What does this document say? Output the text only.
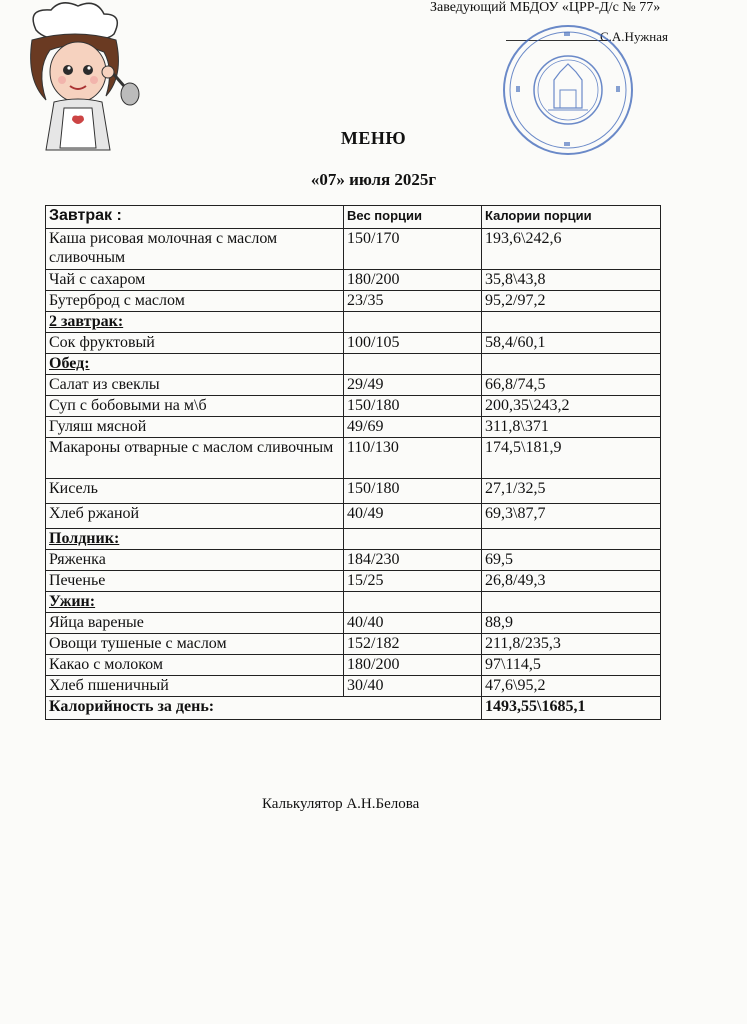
Заведующий МБДОУ «ЦРР-Д/с № 77»
С.А.Нужная
МЕНЮ
«07» июля 2025г
Завтрак :	Вес порции	Калории порции
Каша рисовая молочная с маслом сливочным	150/170	193,6\242,6
Чай с сахаром	180/200	35,8\43,8
Бутерброд с маслом	23/35	95,2/97,2
2 завтрак:		
Сок фруктовый	100/105	58,4/60,1
Обед:		
Салат из свеклы	29/49	66,8/74,5
Суп с бобовыми на м\б	150/180	200,35\243,2
Гуляш мясной	49/69	311,8\371
Макароны отварные с маслом сливочным	110/130	174,5\181,9
Кисель	150/180	27,1/32,5
Хлеб ржаной	40/49	69,3\87,7
Полдник:		
Ряженка	184/230	69,5
Печенье	15/25	26,8/49,3
Ужин:		
Яйца вареные	40/40	88,9
Овощи тушеные с маслом	152/182	211,8/235,3
Какао с молоком	180/200	97\114,5
Хлеб пшеничный	30/40	47,6\95,2
Калорийность за день:		1493,55\1685,1
Калькулятор А.Н.Белова
